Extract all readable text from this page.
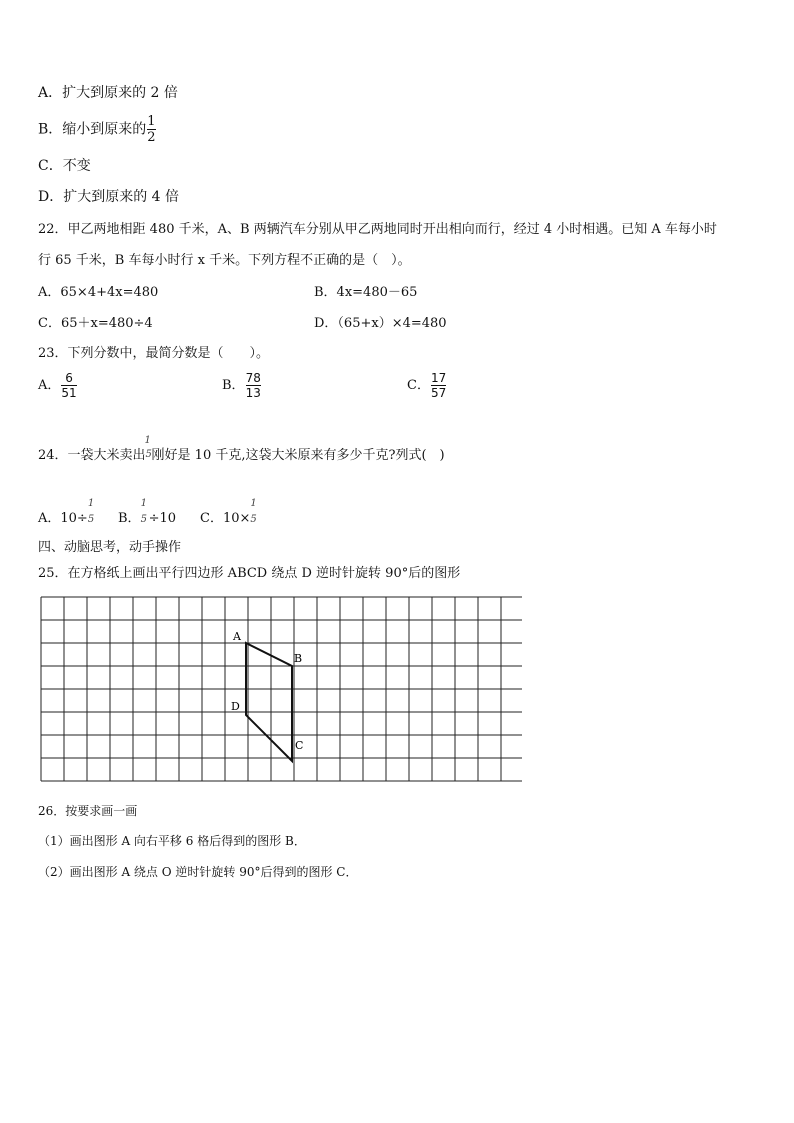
A．扩大到原来的 2 倍
B．缩小到原来的 $\frac{1}{2}$
C．不变
D．扩大到原来的 4 倍
22．甲乙两地相距 480 千米，A、B 两辆汽车分别从甲乙两地同时开出相向而行，经过 4 小时相遇。已知 A 车每小时
行 65 千米，B 车每小时行 x 千米。下列方程不正确的是（　）。
A．65×4+4x=480	B．4x=480－65
C．65＋x=480÷4	D．（65+x）×4=480
23．下列分数中，最简分数是（　　）。
A． $\frac{6}{51}$	B． $\frac{78}{13}$	C． $\frac{17}{57}$
24．一袋大米卖出
1
5 刚好是 10 千克,这袋大米原来有多少千克?列式(　)
A．10÷
1
5 B．
1
5 ÷10 C．10×
1
5
四、动脑思考，动手操作
25．在方格纸上画出平行四边形 ABCD 绕点 D 逆时针旋转 90°后的图形
A
B
C
D
26．按要求画一画
（1）画出图形 A 向右平移 6 格后得到的图形 B．
（2）画出图形 A 绕点 O 逆时针旋转 90°后得到的图形 C．
